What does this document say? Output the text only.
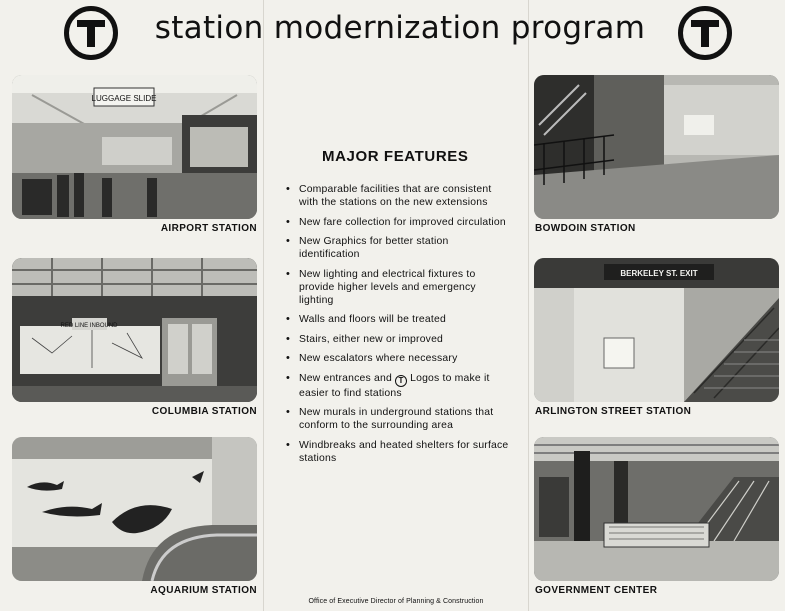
station modernization program
LUGGAGE SLIDE
AIRPORT STATION
RED LINE INBOUND
COLUMBIA STATION
AQUARIUM STATION
BOWDOIN STATION
BERKELEY ST. EXIT
ARLINGTON STREET STATION
GOVERNMENT CENTER
MAJOR FEATURES
• Comparable facilities that are consistent with the stations on the new extensions
• New fare collection for improved circulation
• New Graphics for better station identification
• New lighting and electrical fixtures to provide higher levels and emergency lighting
• Walls and floors will be treated
• Stairs, either new or improved
• New escalators where necessary
• New entrances and T Logos to make it easier to find stations
• New murals in underground stations that conform to the surrounding area
• Windbreaks and heated shelters for surface stations
Office of Executive Director of Planning & Construction
